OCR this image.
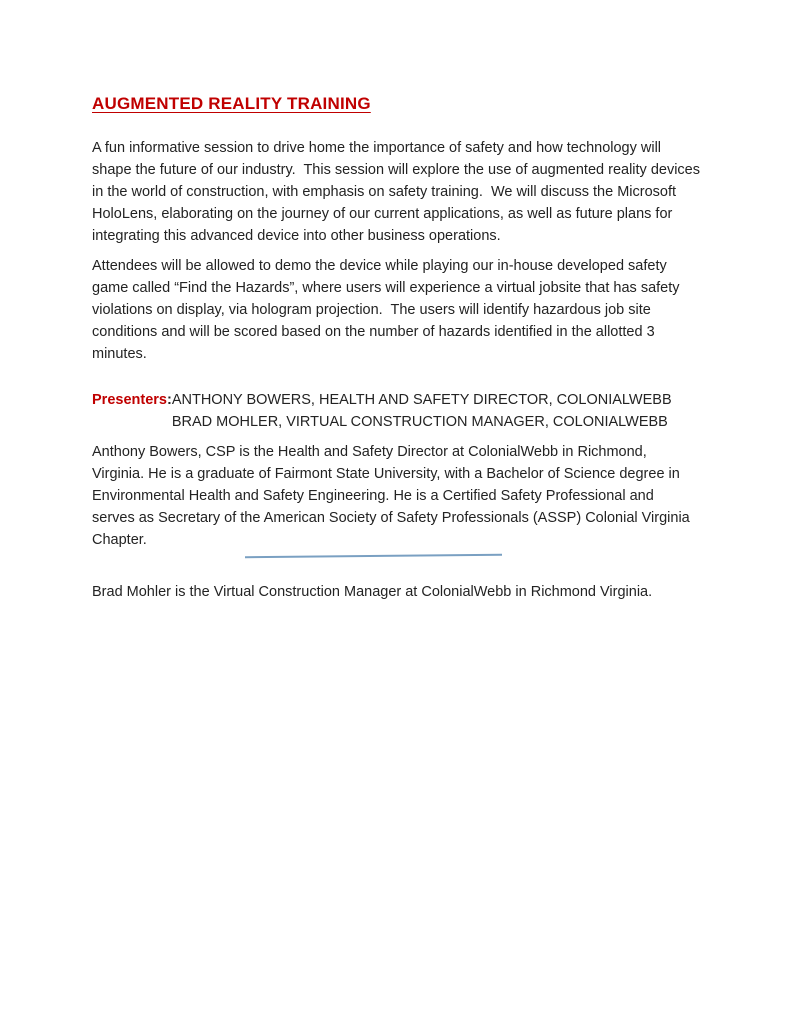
AUGMENTED REALITY TRAINING

A fun informative session to drive home the importance of safety and how technology will shape the future of our industry.  This session will explore the use of augmented reality devices in the world of construction, with emphasis on safety training.  We will discuss the Microsoft HoloLens, elaborating on the journey of our current applications, as well as future plans for integrating this advanced device into other business operations.

Attendees will be allowed to demo the device while playing our in-house developed safety game called “Find the Hazards”, where users will experience a virtual jobsite that has safety violations on display, via hologram projection.  The users will identify hazardous job site conditions and will be scored based on the number of hazards identified in the allotted 3 minutes.

Presenters: ANTHONY BOWERS, HEALTH AND SAFETY DIRECTOR, COLONIALWEBB
BRAD MOHLER, VIRTUAL CONSTRUCTION MANAGER, COLONIALWEBB

Anthony Bowers, CSP is the Health and Safety Director at ColonialWebb in Richmond, Virginia. He is a graduate of Fairmont State University, with a Bachelor of Science degree in Environmental Health and Safety Engineering. He is a Certified Safety Professional and serves as Secretary of the American Society of Safety Professionals (ASSP) Colonial Virginia Chapter.

Brad Mohler is the Virtual Construction Manager at ColonialWebb in Richmond Virginia.
